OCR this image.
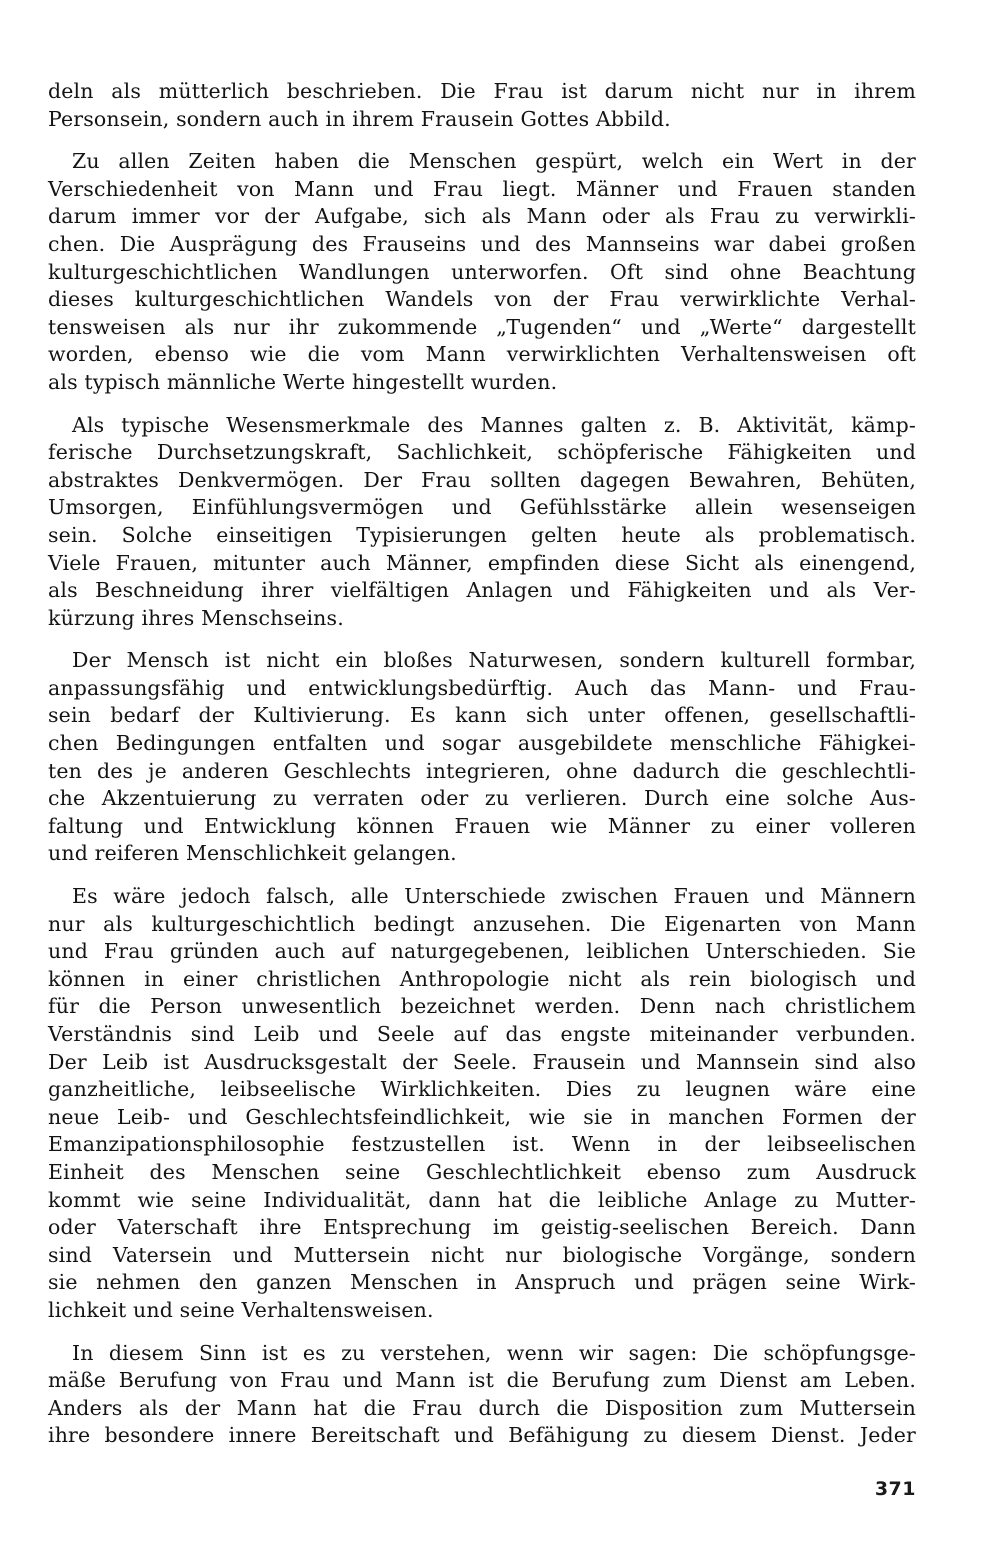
deln als mütterlich beschrieben. Die Frau ist darum nicht nur in ihrem
Personsein, sondern auch in ihrem Frausein Gottes Abbild.

Zu allen Zeiten haben die Menschen gespürt, welch ein Wert in der
Verschiedenheit von Mann und Frau liegt. Männer und Frauen standen
darum immer vor der Aufgabe, sich als Mann oder als Frau zu verwirkli-
chen. Die Ausprägung des Frauseins und des Mannseins war dabei großen
kulturgeschichtlichen Wandlungen unterworfen. Oft sind ohne Beachtung
dieses kulturgeschichtlichen Wandels von der Frau verwirklichte Verhal-
tensweisen als nur ihr zukommende „Tugenden“ und „Werte“ dargestellt
worden, ebenso wie die vom Mann verwirklichten Verhaltensweisen oft
als typisch männliche Werte hingestellt wurden.

Als typische Wesensmerkmale des Mannes galten z. B. Aktivität, kämp-
ferische Durchsetzungskraft, Sachlichkeit, schöpferische Fähigkeiten und
abstraktes Denkvermögen. Der Frau sollten dagegen Bewahren, Behüten,
Umsorgen, Einfühlungsvermögen und Gefühlsstärke allein wesenseigen
sein. Solche einseitigen Typisierungen gelten heute als problematisch.
Viele Frauen, mitunter auch Männer, empfinden diese Sicht als einengend,
als Beschneidung ihrer vielfältigen Anlagen und Fähigkeiten und als Ver-
kürzung ihres Menschseins.

Der Mensch ist nicht ein bloßes Naturwesen, sondern kulturell formbar,
anpassungsfähig und entwicklungsbedürftig. Auch das Mann- und Frau-
sein bedarf der Kultivierung. Es kann sich unter offenen, gesellschaftli-
chen Bedingungen entfalten und sogar ausgebildete menschliche Fähigkei-
ten des je anderen Geschlechts integrieren, ohne dadurch die geschlechtli-
che Akzentuierung zu verraten oder zu verlieren. Durch eine solche Aus-
faltung und Entwicklung können Frauen wie Männer zu einer volleren
und reiferen Menschlichkeit gelangen.

Es wäre jedoch falsch, alle Unterschiede zwischen Frauen und Männern
nur als kulturgeschichtlich bedingt anzusehen. Die Eigenarten von Mann
und Frau gründen auch auf naturgegebenen, leiblichen Unterschieden. Sie
können in einer christlichen Anthropologie nicht als rein biologisch und
für die Person unwesentlich bezeichnet werden. Denn nach christlichem
Verständnis sind Leib und Seele auf das engste miteinander verbunden.
Der Leib ist Ausdrucksgestalt der Seele. Frausein und Mannsein sind also
ganzheitliche, leibseelische Wirklichkeiten. Dies zu leugnen wäre eine
neue Leib- und Geschlechtsfeindlichkeit, wie sie in manchen Formen der
Emanzipationsphilosophie festzustellen ist. Wenn in der leibseelischen
Einheit des Menschen seine Geschlechtlichkeit ebenso zum Ausdruck
kommt wie seine Individualität, dann hat die leibliche Anlage zu Mutter-
oder Vaterschaft ihre Entsprechung im geistig-seelischen Bereich. Dann
sind Vatersein und Muttersein nicht nur biologische Vorgänge, sondern
sie nehmen den ganzen Menschen in Anspruch und prägen seine Wirk-
lichkeit und seine Verhaltensweisen.

In diesem Sinn ist es zu verstehen, wenn wir sagen: Die schöpfungsge-
mäße Berufung von Frau und Mann ist die Berufung zum Dienst am Leben.
Anders als der Mann hat die Frau durch die Disposition zum Muttersein
ihre besondere innere Bereitschaft und Befähigung zu diesem Dienst. Jeder

371
